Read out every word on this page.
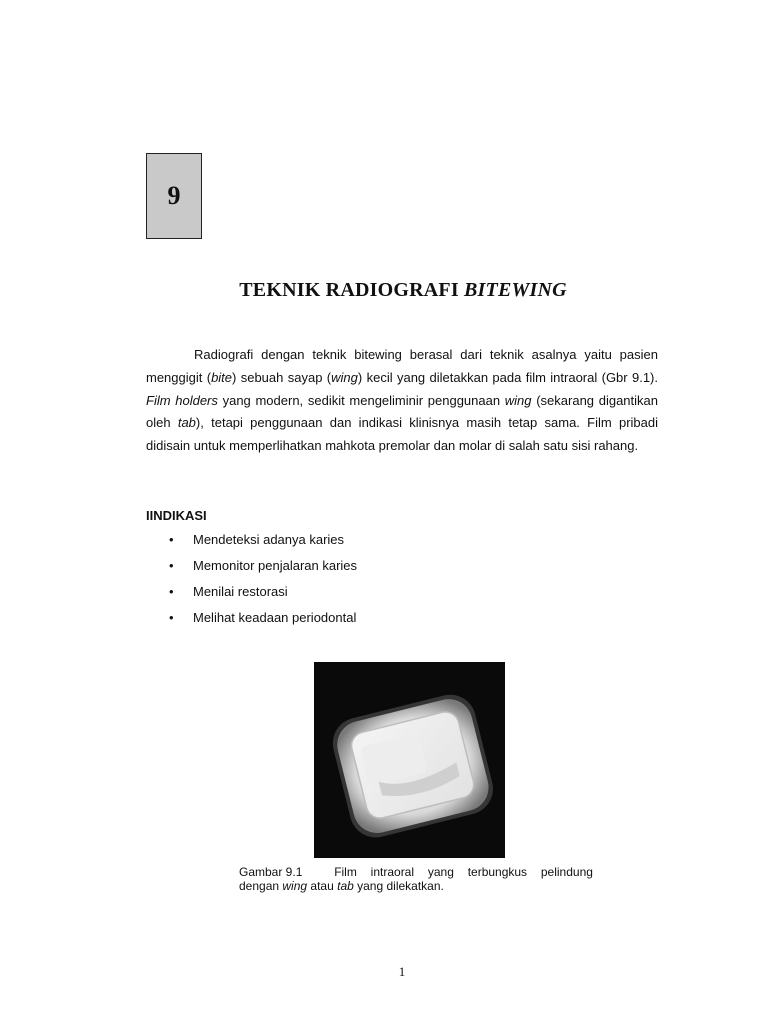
9
TEKNIK RADIOGRAFI BITEWING

Radiografi dengan teknik bitewing berasal dari teknik asalnya yaitu pasien menggigit (bite) sebuah sayap (wing) kecil yang diletakkan pada film intraoral (Gbr 9.1). Film holders yang modern, sedikit mengeliminir penggunaan wing (sekarang digantikan oleh tab), tetapi penggunaan dan indikasi klinisnya masih tetap sama. Film pribadi didisain untuk memperlihatkan mahkota premolar dan molar di salah satu sisi rahang.

IINDIKASI
• Mendeteksi adanya karies
• Memonitor penjalaran karies
• Menilai restorasi
• Melihat keadaan periodontal
Gambar 9.1	Film intraoral yang terbungkus pelindung
dengan wing atau tab yang dilekatkan.
1
